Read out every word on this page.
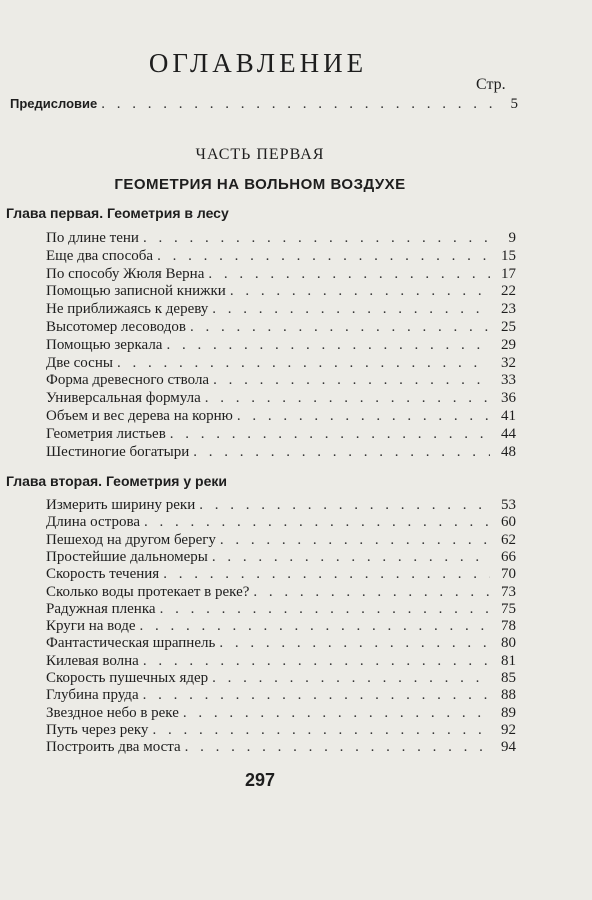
ОГЛАВЛЕНИЕ
Стр.
Предисловие . . .	5
ЧАСТЬ ПЕРВАЯ
ГЕОМЕТРИЯ НА ВОЛЬНОМ ВОЗДУХЕ
Глава первая. Геометрия в лесу
По длине тени . . .	9
Еще два способа . . .	15
По способу Жюля Верна . . .	17
Помощью записной книжки . . .	22
Не приближаясь к дереву . . .	23
Высотомер лесоводов . . .	25
Помощью зеркала . . .	29
Две сосны . . .	32
Форма древесного ствола . . .	33
Универсальная формула . . .	36
Объем и вес дерева на корню . . .	41
Геометрия листьев . . .	44
Шестиногие богатыри . . .	48
Глава вторая. Геометрия у реки
Измерить ширину реки . . .	53
Длина острова . . .	60
Пешеход на другом берегу . . .	62
Простейшие дальномеры . . .	66
Скорость течения . . .	70
Сколько воды протекает в реке? . . .	73
Радужная пленка . . .	75
Круги на воде . . .	78
Фантастическая шрапнель . . .	80
Килевая волна . . .	81
Скорость пушечных ядер . . .	85
Глубина пруда . . .	88
Звездное небо в реке . . .	89
Путь через реку . . .	92
Построить два моста . . .	94
297
